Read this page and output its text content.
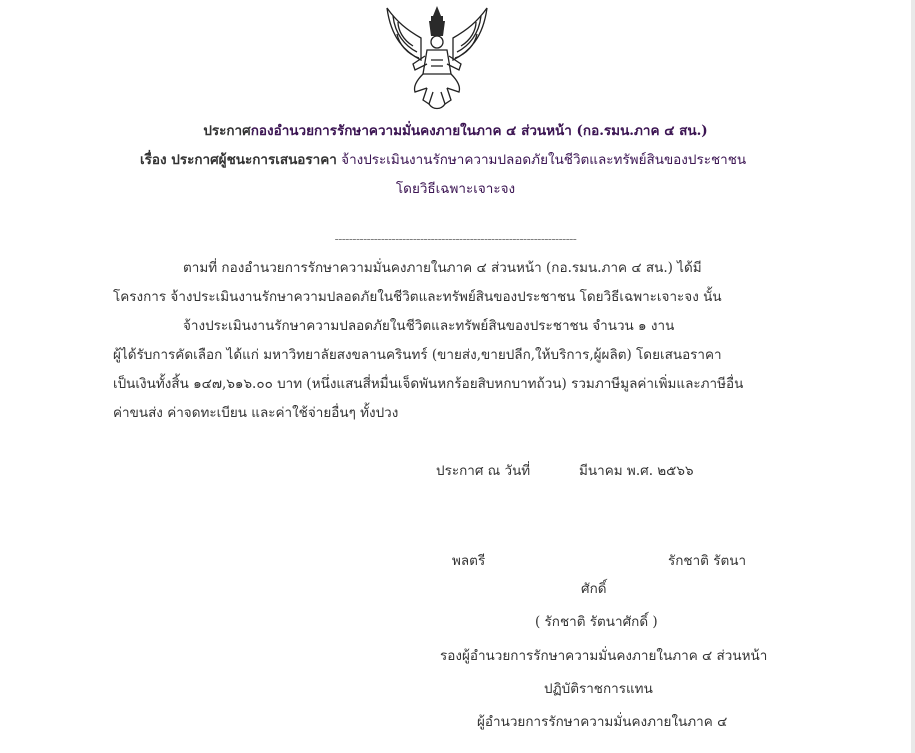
ประกาศกองอำนวยการรักษาความมั่นคงภายในภาค ๔ ส่วนหน้า (กอ.รมน.ภาค ๔ สน.)
เรื่อง ประกาศผู้ชนะการเสนอราคา จ้างประเมินงานรักษาความปลอดภัยในชีวิตและทรัพย์สินของประชาชน
โดยวิธีเฉพาะเจาะจง
--------------------------------------------------------------------
ตามที่ กองอำนวยการรักษาความมั่นคงภายในภาค ๔ ส่วนหน้า (กอ.รมน.ภาค ๔ สน.) ได้มี
โครงการ จ้างประเมินงานรักษาความปลอดภัยในชีวิตและทรัพย์สินของประชาชน โดยวิธีเฉพาะเจาะจง นั้น
จ้างประเมินงานรักษาความปลอดภัยในชีวิตและทรัพย์สินของประชาชน จำนวน ๑ งาน
ผู้ได้รับการคัดเลือก ได้แก่ มหาวิทยาลัยสงขลานครินทร์ (ขายส่ง,ขายปลีก,ให้บริการ,ผู้ผลิต) โดยเสนอราคา
เป็นเงินทั้งสิ้น ๑๔๗,๖๑๖.๐๐ บาท (หนึ่งแสนสี่หมื่นเจ็ดพันหกร้อยสิบหกบาทถ้วน) รวมภาษีมูลค่าเพิ่มและภาษีอื่น
ค่าขนส่ง ค่าจดทะเบียน และค่าใช้จ่ายอื่นๆ ทั้งปวง
ประกาศ ณ วันที่	มีนาคม พ.ศ. ๒๕๖๖
พลตรี	รักชาติ รัตนา
ศักดิ์
( รักชาติ รัตนาศักดิ์ )
รองผู้อำนวยการรักษาความมั่นคงภายในภาค ๔ ส่วนหน้า
ปฏิบัติราชการแทน
ผู้อำนวยการรักษาความมั่นคงภายในภาค ๔
